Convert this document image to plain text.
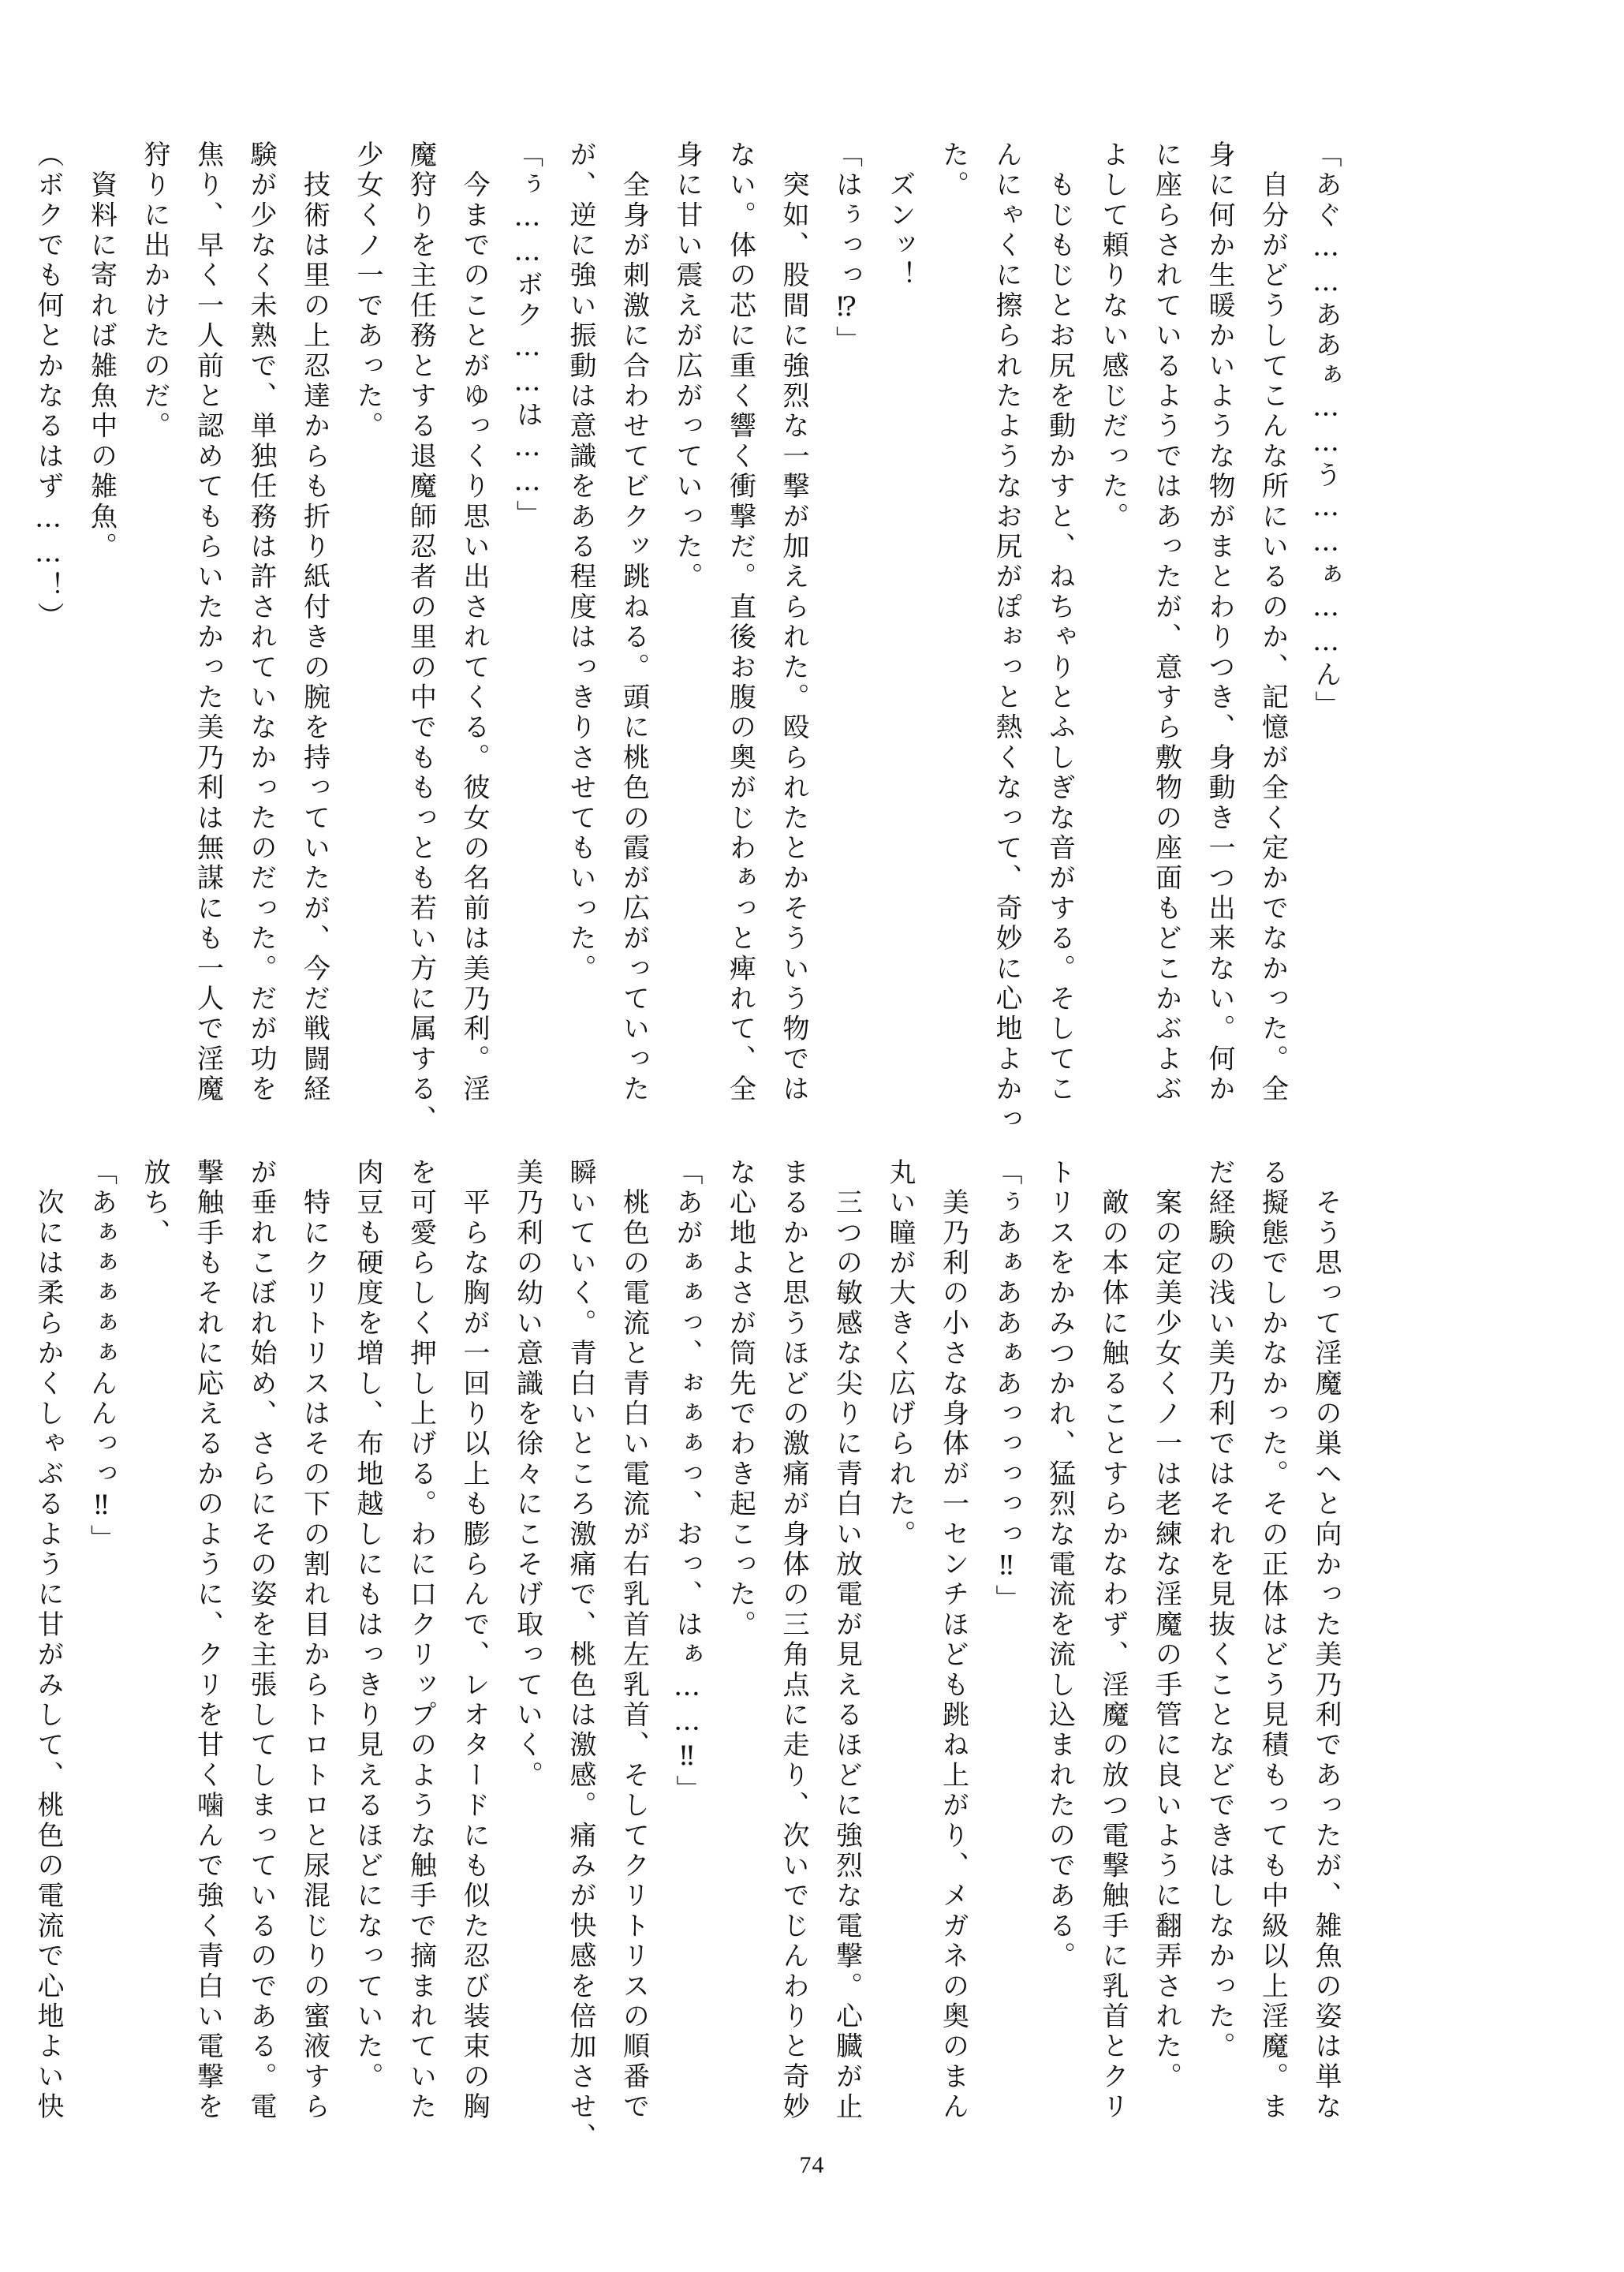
「あぐ……ああぁ……う……ぁ……ん」
　自分がどうしてこんな所にいるのか、記憶が全く定かでなかった。全
身に何か生暖かいような物がまとわりつき、身動き一つ出来ない。何か
に座らされているようではあったが、意すら敷物の座面もどこかぶよぶ
よして頼りない感じだった。
　もじもじとお尻を動かすと、ねちゃりとふしぎな音がする。そしてこ
んにゃくに擦られたようなお尻がぽぉっと熱くなって、奇妙に心地よかっ
た。
　ズンッ！
「はぅっっ⁉」
　突如、股間に強烈な一撃が加えられた。殴られたとかそういう物では
ない。体の芯に重く響く衝撃だ。直後お腹の奥がじわぁっと痺れて、全
身に甘い震えが広がっていった。
　全身が刺激に合わせてビクッ跳ねる。頭に桃色の霞が広がっていった
が、逆に強い振動は意識をある程度はっきりさせてもいった。
「ぅ……ボク……は……」
　今までのことがゆっくり思い出されてくる。彼女の名前は美乃利。淫
魔狩りを主任務とする退魔師忍者の里の中でももっとも若い方に属する、
少女くノ一であった。
　技術は里の上忍達からも折り紙付きの腕を持っていたが、今だ戦闘経
験が少なく未熟で、単独任務は許されていなかったのだった。だが功を
焦り、早く一人前と認めてもらいたかった美乃利は無謀にも一人で淫魔
狩りに出かけたのだ。
　資料に寄れば雑魚中の雑魚。
（ボクでも何とかなるはず……！）
　そう思って淫魔の巣へと向かった美乃利であったが、雑魚の姿は単な
る擬態でしかなかった。その正体はどう見積もっても中級以上淫魔。ま
だ経験の浅い美乃利ではそれを見抜くことなどできはしなかった。
　案の定美少女くノ一は老練な淫魔の手管に良いように翻弄された。
　敵の本体に触ることすらかなわず、淫魔の放つ電撃触手に乳首とクリ
トリスをかみつかれ、猛烈な電流を流し込まれたのである。
「ぅあぁああぁあっっっっっ‼」
　美乃利の小さな身体が一センチほども跳ね上がり、メガネの奥のまん
丸い瞳が大きく広げられた。
　三つの敏感な尖りに青白い放電が見えるほどに強烈な電撃。心臓が止
まるかと思うほどの激痛が身体の三角点に走り、次いでじんわりと奇妙
な心地よさが筒先でわき起こった。
「あがぁぁっ、ぉぁぁっ、おっ、はぁ……‼」
　桃色の電流と青白い電流が右乳首左乳首、そしてクリトリスの順番で
瞬いていく。青白いところ激痛で、桃色は激感。痛みが快感を倍加させ、
美乃利の幼い意識を徐々にこそげ取っていく。
　平らな胸が一回り以上も膨らんで、レオタードにも似た忍び装束の胸
を可愛らしく押し上げる。わに口クリップのような触手で摘まれていた
肉豆も硬度を増し、布地越しにもはっきり見えるほどになっていた。
　特にクリトリスはその下の割れ目からトロトロと尿混じりの蜜液すら
が垂れこぼれ始め、さらにその姿を主張してしまっているのである。電
撃触手もそれに応えるかのように、クリを甘く噛んで強く青白い電撃を
放ち、
「あぁぁぁぁぁんんっっ‼」
　次には柔らかくしゃぶるように甘がみして、桃色の電流で心地よい快
74
